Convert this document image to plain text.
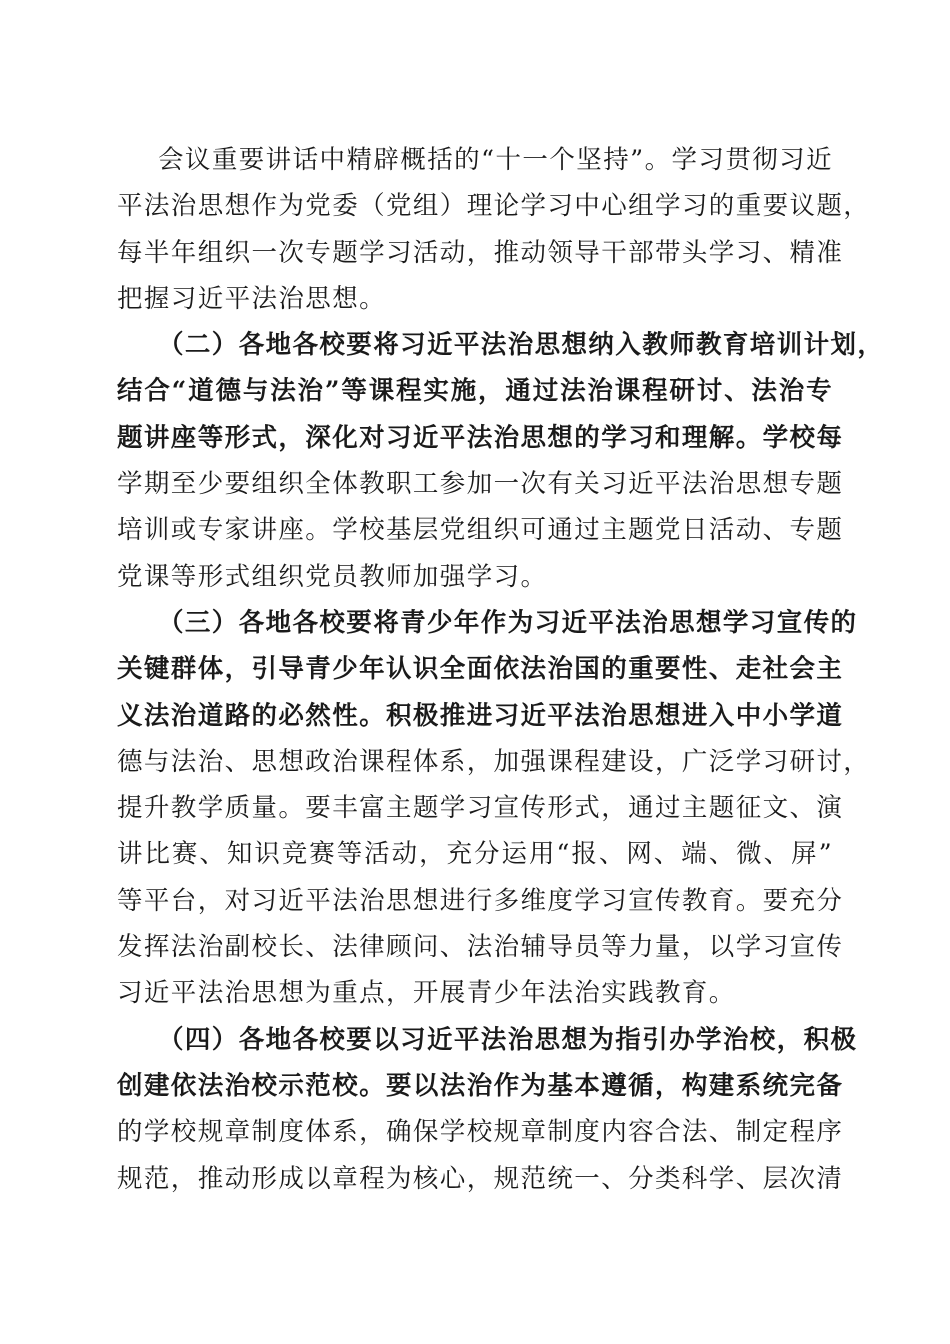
会议重要讲话中精辟概括的“十一个坚持”。学习贯彻习近
平法治思想作为党委（党组）理论学习中心组学习的重要议题，
每半年组织一次专题学习活动，推动领导干部带头学习、精准
把握习近平法治思想。
（二）各地各校要将习近平法治思想纳入教师教育培训计划，
结合“道德与法治”等课程实施，通过法治课程研讨、法治专
题讲座等形式，深化对习近平法治思想的学习和理解。学校每
学期至少要组织全体教职工参加一次有关习近平法治思想专题
培训或专家讲座。学校基层党组织可通过主题党日活动、专题
党课等形式组织党员教师加强学习。
（三）各地各校要将青少年作为习近平法治思想学习宣传的
关键群体，引导青少年认识全面依法治国的重要性、走社会主
义法治道路的必然性。积极推进习近平法治思想进入中小学道
德与法治、思想政治课程体系，加强课程建设，广泛学习研讨，
提升教学质量。要丰富主题学习宣传形式，通过主题征文、演
讲比赛、知识竞赛等活动，充分运用“报、网、端、微、屏”
等平台，对习近平法治思想进行多维度学习宣传教育。要充分
发挥法治副校长、法律顾问、法治辅导员等力量，以学习宣传
习近平法治思想为重点，开展青少年法治实践教育。
（四）各地各校要以习近平法治思想为指引办学治校，积极
创建依法治校示范校。要以法治作为基本遵循，构建系统完备
的学校规章制度体系，确保学校规章制度内容合法、制定程序
规范，推动形成以章程为核心，规范统一、分类科学、层次清
